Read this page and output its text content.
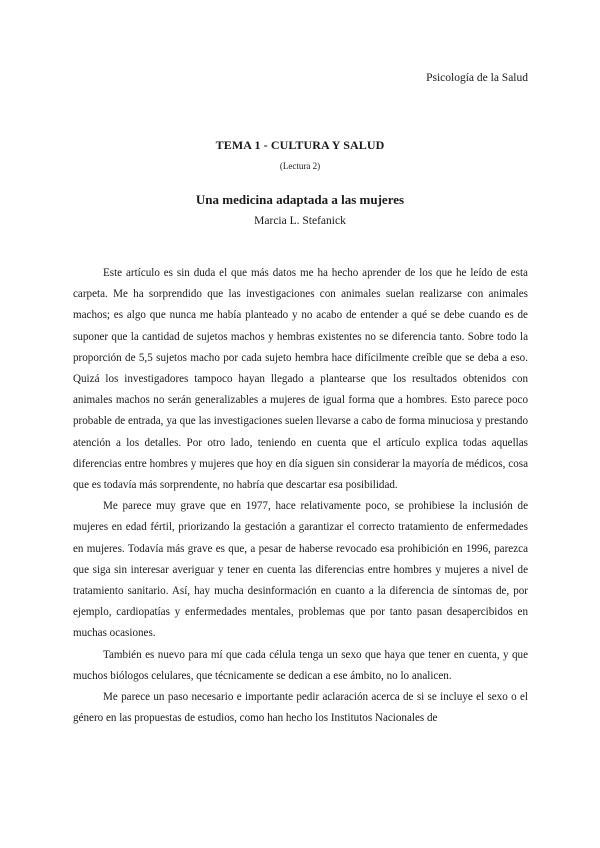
Psicología de la Salud
TEMA 1 - CULTURA Y SALUD
(Lectura 2)
Una medicina adaptada a las mujeres
Marcia L. Stefanick

Este artículo es sin duda el que más datos me ha hecho aprender de los que he leído de esta carpeta. Me ha sorprendido que las investigaciones con animales suelan realizarse con animales machos; es algo que nunca me había planteado y no acabo de entender a qué se debe cuando es de suponer que la cantidad de sujetos machos y hembras existentes no se diferencia tanto. Sobre todo la proporción de 5,5 sujetos macho por cada sujeto hembra hace difícilmente creíble que se deba a eso. Quizá los investigadores tampoco hayan llegado a plantearse que los resultados obtenidos con animales machos no serán generalizables a mujeres de igual forma que a hombres. Esto parece poco probable de entrada, ya que las investigaciones suelen llevarse a cabo de forma minuciosa y prestando atención a los detalles. Por otro lado, teniendo en cuenta que el artículo explica todas aquellas diferencias entre hombres y mujeres que hoy en día siguen sin considerar la mayoría de médicos, cosa que es todavía más sorprendente, no habría que descartar esa posibilidad.

Me parece muy grave que en 1977, hace relativamente poco, se prohibiese la inclusión de mujeres en edad fértil, priorizando la gestación a garantizar el correcto tratamiento de enfermedades en mujeres. Todavía más grave es que, a pesar de haberse revocado esa prohibición en 1996, parezca que siga sin interesar averiguar y tener en cuenta las diferencias entre hombres y mujeres a nivel de tratamiento sanitario. Así, hay mucha desinformación en cuanto a la diferencia de síntomas de, por ejemplo, cardiopatías y enfermedades mentales, problemas que por tanto pasan desapercibidos en muchas ocasiones.

También es nuevo para mí que cada célula tenga un sexo que haya que tener en cuenta, y que muchos biólogos celulares, que técnicamente se dedican a ese ámbito, no lo analicen.

Me parece un paso necesario e importante pedir aclaración acerca de si se incluye el sexo o el género en las propuestas de estudios, como han hecho los Institutos Nacionales de
